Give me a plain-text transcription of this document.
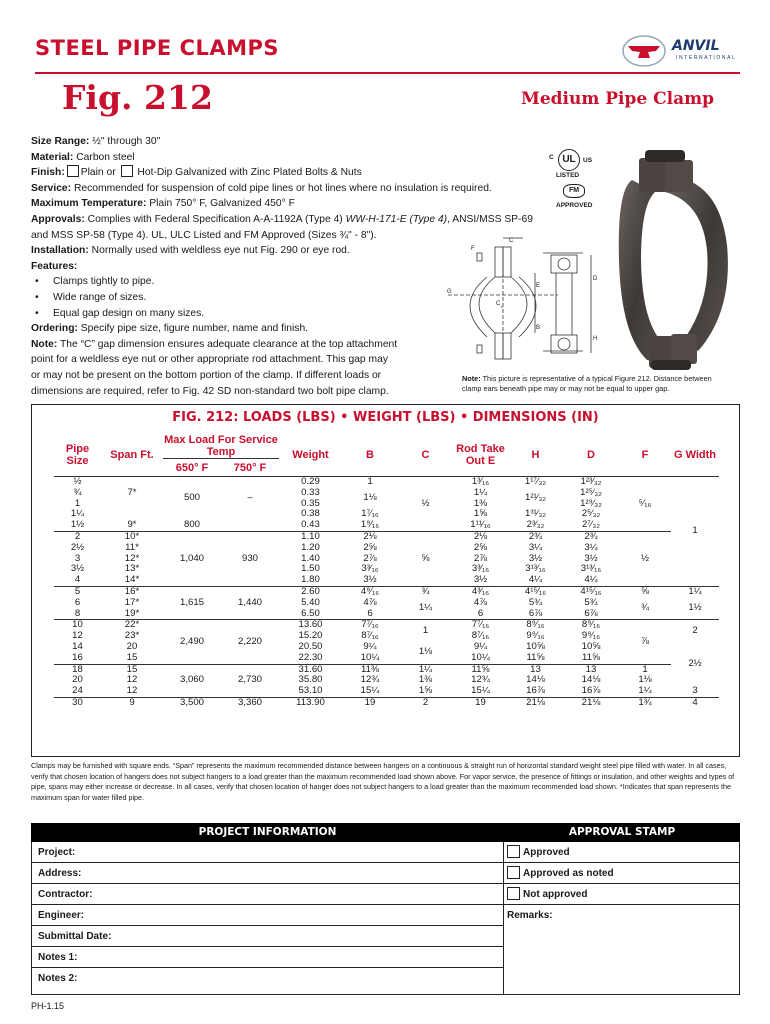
STEEL PIPE CLAMPS	ANVIL
INTERNATIONAL
Fig. 212	Medium Pipe Clamp
Size Range: ½" through 30"
Material: Carbon steel
Finish: Plain or Hot-Dip Galvanized with Zinc Plated Bolts & Nuts
Service: Recommended for suspension of cold pipe lines or hot lines where no insulation is required.
Maximum Temperature: Plain 750° F, Galvanized 450° F
Approvals: Complies with Federal Specification A-A-1192A (Type 4) WW-H-171-E (Type 4), ANSI/MSS SP-69
and MSS SP-58 (Type 4). UL, ULC Listed and FM Approved (Sizes ¾" - 8").
Installation: Normally used with weldless eye nut Fig. 290 or eye rod.
Features:
• Clamps tightly to pipe.
• Wide range of sizes.
• Equal gap design on many sizes.
Ordering: Specify pipe size, figure number, name and finish.
Note: The “C” gap dimension ensures adequate clearance at the top attachment
point for a weldless eye nut or other appropriate rod attachment. This gap may
or may not be present on the bottom portion of the clamp. If different loads or
dimensions are required, refer to Fig. 42 SD non-standard two bolt pipe clamp.
UL
C	US
LISTED
FM
APPROVED
C
F
E
D
G
C L
B
H
Note: This picture is representative of a typical Figure 212. Distance between clamp ears beneath pipe may or may not be equal to upper gap.
FIG. 212: LOADS (LBS) • WEIGHT (LBS) • DIMENSIONS (IN)
Pipe Size	Span Ft.	Max Load For Service Temp		Weight	B	C	Rod Take Out E	H	D	F	G Width
		650° F	750° F								
½		500	–	0.29	1	½	1³⁄₁₆	1¹⁷⁄₃₂	1²³⁄₃₂	⁵⁄₁₆	1
¾	7*			0.33	1⅛		1¼	1²¹⁄₃₂	1²⁵⁄₃₂		
1				0.35			1⅜		1²⁹⁄₃₂		
1¼				0.38	1⁷⁄₁₆		1⅝	1³¹⁄₃₂	2⁵⁄₃₂		
1½	9*	800		0.43	1⁹⁄₁₆		1¹¹⁄₁₆	2³⁄₃₂	2⁷⁄₃₂		
2	10*	1,040	930	1.10	2⅛	⅝	2⅛	2¾	2¾	½	
2½	11*			1.20	2⅝		2⅝	3¼	3¼		
3	12*			1.40	2⅞		2⅞	3½	3½		
3½	13*			1.50	3³⁄₁₆		3³⁄₁₆	3¹³⁄₁₆	3¹³⁄₁₆		
4	14*			1.80	3½		3½	4¼	4¼		
5	16*	1,615	1,440	2.60	4⁹⁄₁₆	¾	4³⁄₁₆	4¹⁵⁄₁₆	4¹⁵⁄₁₆	⅝	1¼
6	17*			5.40	4⅞	1¼	4⅞	5¾	5¾	¾	1½
8	19*			6.50	6		6	6⅞	6⅞		
10	22*	2,490	2,220	13.60	7⁷⁄₁₆	1	7⁷⁄₁₆	8⁹⁄₁₆	8⁹⁄₁₆	⅞	2
12	23*			15.20	8⁷⁄₁₆		8⁷⁄₁₆	9⁹⁄₁₆	9⁹⁄₁₆		
14	20			20.50	9¼	1⅛	9¼	10⅝	10⅝		2½
16	15			22.30	10¼		10¼	11⅝	11⅝		
18	15	3,060	2,730	31.60	11⅜	1¼	11⅝	13	13	1	
20	12			35.80	12¾	1⅜	12¾	14⅛	14⅛	1⅛	
24	12			53.10	15¼	1⅝	15¼	16⅞	16⅞	1¼	3
30	9	3,500	3,360	113.90	19	2	19	21⅛	21⅛	1¾	4
Clamps may be furnished with square ends. “Span” represents the maximum recommended distance between hangers on a continuous & straight run of horizontal standard weight steel pipe filled with water. In all cases, verify that chosen location of hangers does not subject hangers to a load greater than the maximum recommended load shown above. For vapor service, the presence of fittings or insulation, and other weights and types of pipe, spans may either increase or decrease. In all cases, verify that chosen location of hanger does not subject hangers to a load greater than the maximum recommended load shown. *Indicates that span represents the maximum span for water filled pipe.
PROJECT INFORMATION	APPROVAL STAMP
Project:
Address:
Contractor:
Engineer:
Submittal Date:
Notes 1:
Notes 2:
Approved
Approved as noted
Not approved
Remarks:
PH-1.15
